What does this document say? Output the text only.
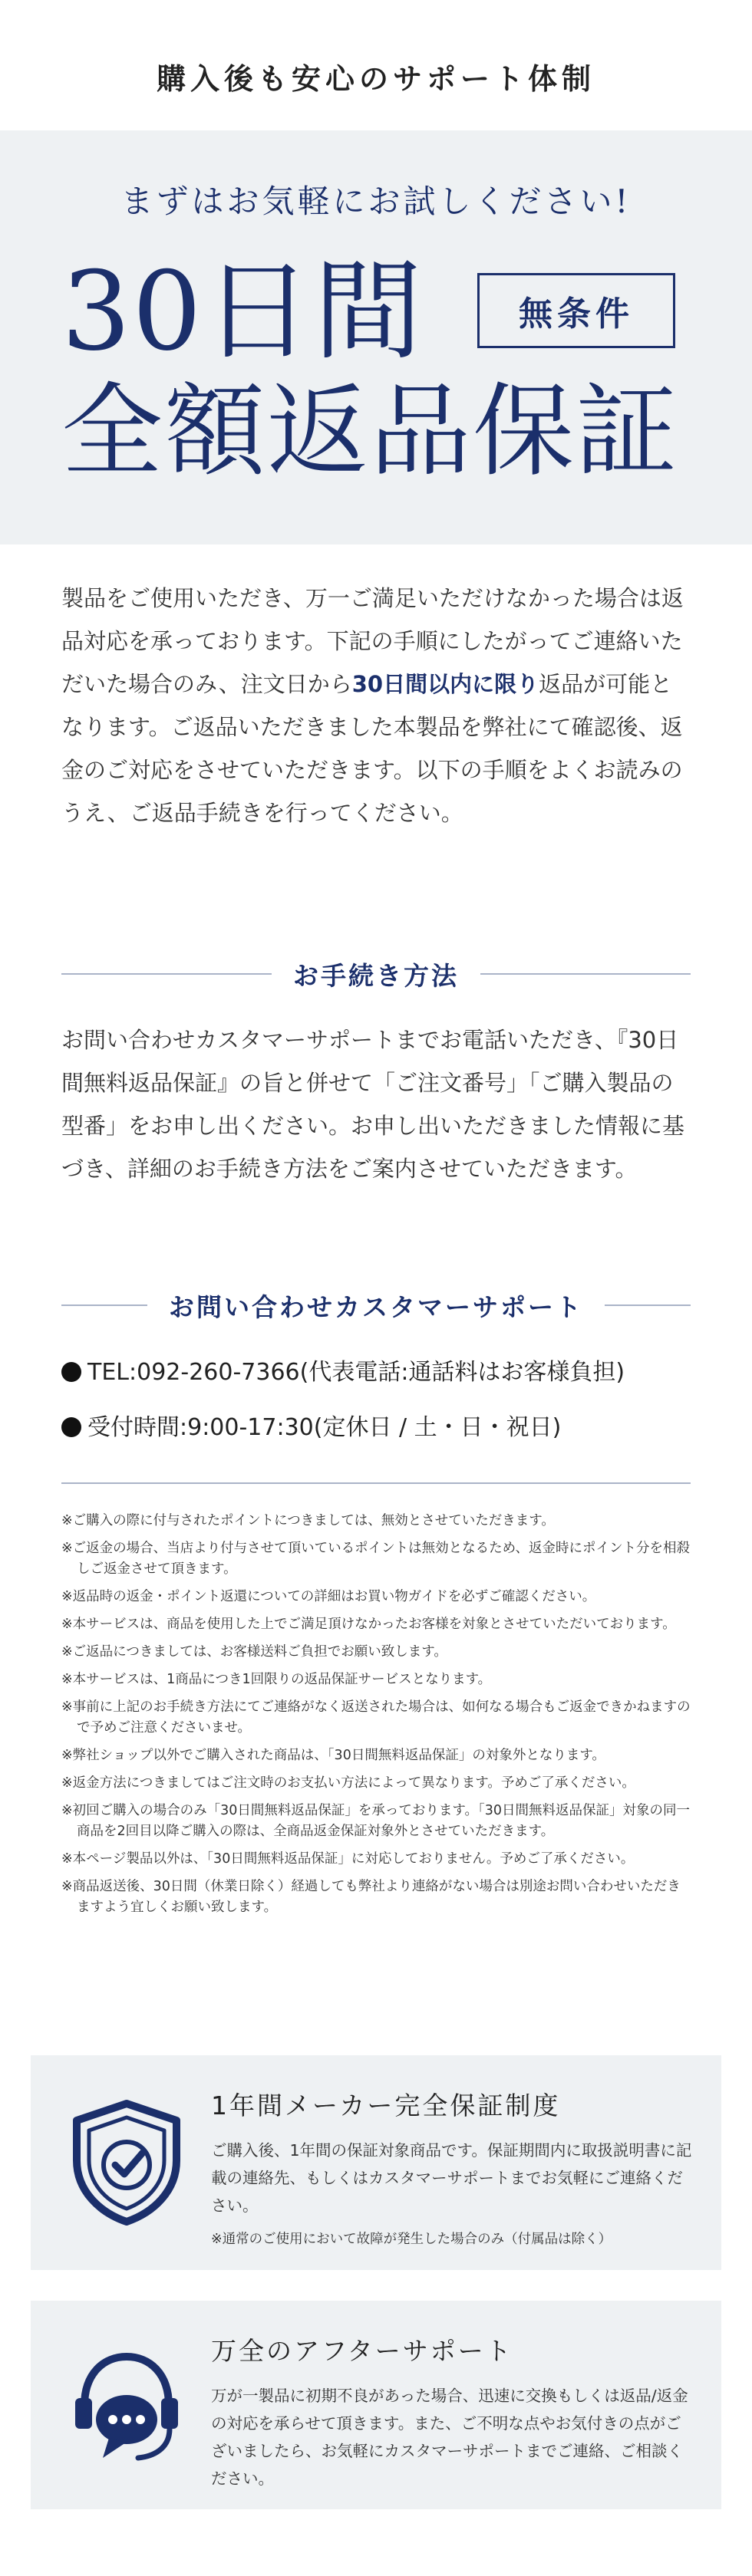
購入後も安心のサポート体制
まずはお気軽にお試しください!
30日間	無条件
全額返品保証
製品をご使用いただき、万一ご満足いただけなかった場合は返品対応を承っております。下記の手順にしたがってご連絡いただいた場合のみ、注文日から30日間以内に限り返品が可能となります。ご返品いただきました本製品を弊社にて確認後、返金のご対応をさせていただきます。以下の手順をよくお読みのうえ、ご返品手続きを行ってください。
お手続き方法
お問い合わせカスタマーサポートまでお電話いただき、『30日間無料返品保証』の旨と併せて「ご注文番号」「ご購入製品の型番」をお申し出ください。お申し出いただきました情報に基づき、詳細のお手続き方法をご案内させていただきます。
お問い合わせカスタマーサポート
TEL:092-260-7366(代表電話:通話料はお客様負担)
受付時間:9:00-17:30(定休日 / 土・日・祝日)
※ご購入の際に付与されたポイントにつきましては、無効とさせていただきます。
※ご返金の場合、当店より付与させて頂いているポイントは無効となるため、返金時にポイント分を相殺しご返金させて頂きます。
※返品時の返金・ポイント返還についての詳細はお買い物ガイドを必ずご確認ください。
※本サービスは、商品を使用した上でご満足頂けなかったお客様を対象とさせていただいております。
※ご返品につきましては、お客様送料ご負担でお願い致します。
※本サービスは、1商品につき1回限りの返品保証サービスとなります。
※事前に上記のお手続き方法にてご連絡がなく返送された場合は、如何なる場合もご返金できかねますので予めご注意くださいませ。
※弊社ショップ以外でご購入された商品は、「30日間無料返品保証」の対象外となります。
※返金方法につきましてはご注文時のお支払い方法によって異なります。予めご了承ください。
※初回ご購入の場合のみ「30日間無料返品保証」を承っております。「30日間無料返品保証」対象の同一商品を2回目以降ご購入の際は、全商品返金保証対象外とさせていただきます。
※本ページ製品以外は、「30日間無料返品保証」に対応しておりません。予めご了承ください。
※商品返送後、30日間（休業日除く）経過しても弊社より連絡がない場合は別途お問い合わせいただきますよう宜しくお願い致します。
1年間メーカー完全保証制度
ご購入後、1年間の保証対象商品です。保証期間内に取扱説明書に記載の連絡先、もしくはカスタマーサポートまでお気軽にご連絡ください。
※通常のご使用において故障が発生した場合のみ（付属品は除く）
万全のアフターサポート
万が一製品に初期不良があった場合、迅速に交換もしくは返品/返金の対応を承らせて頂きます。また、ご不明な点やお気付きの点がございましたら、お気軽にカスタマーサポートまでご連絡、ご相談ください。
